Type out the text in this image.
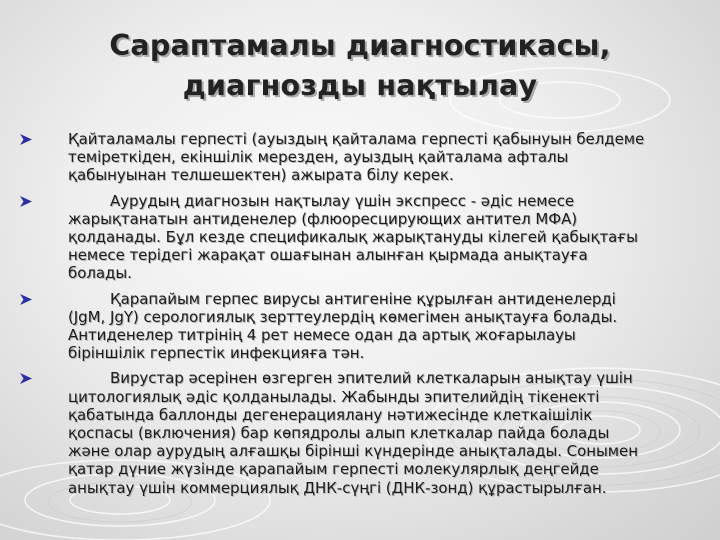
Сараптамалы диагностикасы,
диагнозды нақтылау
Қайталамалы герпесті (ауыздың қайталама герпесті қабынуын белдеме
теміреткіден, екіншілік мерезден, ауыздың қайталама афталы
қабынуынан телшешектен) ажырата білу керек.
Аурудың диагнозын нақтылау үшін экспресс - әдіс немесе
жарықтанатын антиденелер (флюоресцирующих антител МФА)
қолданады. Бұл кезде спецификалық жарықтануды кілегей қабықтағы
немесе терідегі жарақат ошағынан алынған қырмада анықтауға
болады.
Қарапайым герпес вирусы антигеніне құрылған антиденелерді
(JgM, JgY) серологиялық зерттеулердің көмегімен анықтауға болады.
Антиденелер титрінің 4 рет немесе одан да артық жоғарылауы
біріншілік герпестік инфекцияға тән.
Вирустар әсерінен өзгерген эпителий клеткаларын анықтау үшін
цитологиялық әдіс қолданылады. Жабынды эпителийдің тікенекті
қабатында баллонды дегенерациялану нәтижесінде клеткаішілік
қоспасы (включения) бар көпядролы алып клеткалар пайда болады
және олар аурудың алғашқы бірінші күндерінде анықталады. Сонымен
қатар дүние жүзінде қарапайым герпесті молекулярлық деңгейде
анықтау үшін коммерциялық ДНК-сүңгі (ДНК-зонд) құрастырылған.
